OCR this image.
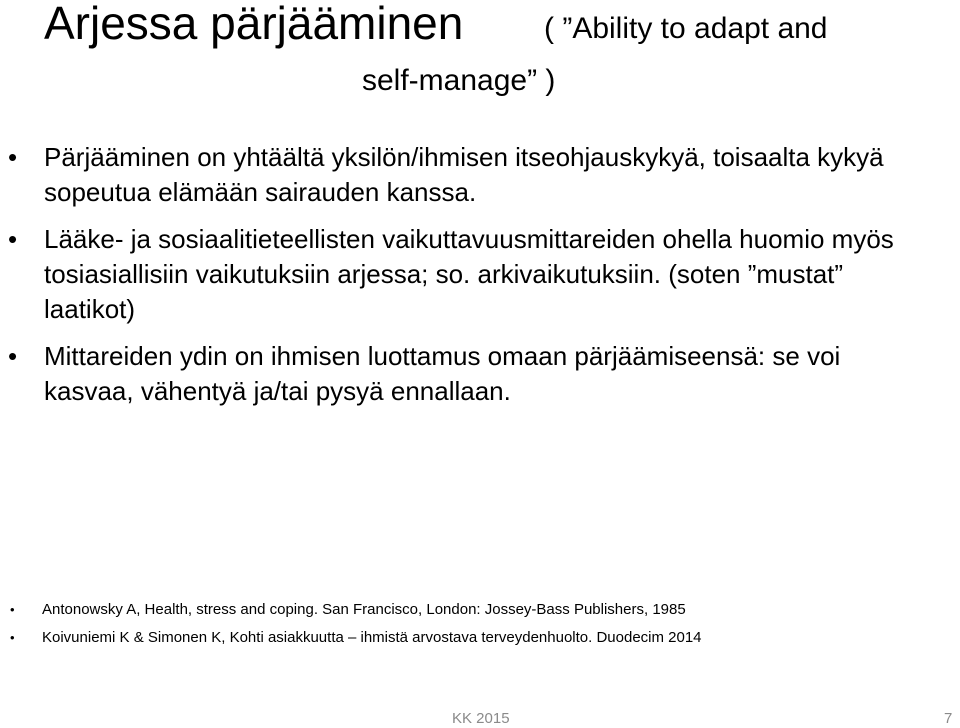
Arjessa pärjääminen	( ”Ability to adapt and
self-manage” )
• Pärjääminen on yhtäältä yksilön/ihmisen itseohjauskykyä, toisaalta kykyä sopeutua elämään sairauden kanssa.
• Lääke- ja sosiaalitieteellisten vaikuttavuusmittareiden ohella huomio myös tosiasiallisiin vaikutuksiin arjessa; so. arkivaikutuksiin. (soten ”mustat” laatikot)
• Mittareiden ydin on ihmisen luottamus omaan pärjäämiseensä: se voi kasvaa, vähentyä ja/tai pysyä ennallaan.
• Antonowsky A, Health, stress and coping. San Francisco, London: Jossey-Bass Publishers, 1985
• Koivuniemi K & Simonen K, Kohti asiakkuutta – ihmistä arvostava terveydenhuolto. Duodecim 2014
KK 2015	7
